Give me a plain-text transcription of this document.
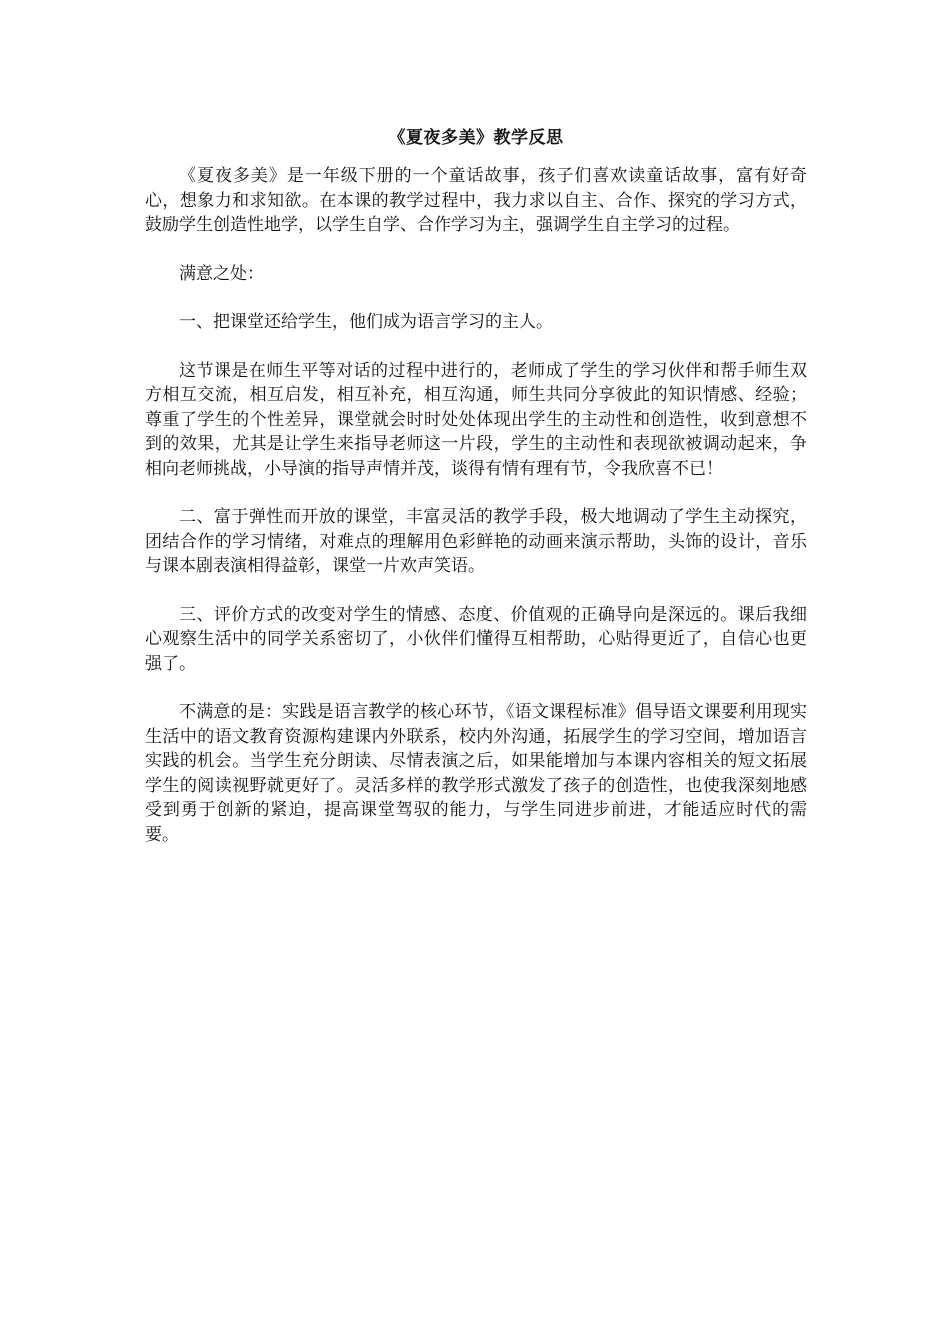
《夏夜多美》教学反思

《夏夜多美》是一年级下册的一个童话故事，孩子们喜欢读童话故事，富有好奇心，想象力和求知欲。在本课的教学过程中，我力求以自主、合作、探究的学习方式，鼓励学生创造性地学，以学生自学、合作学习为主，强调学生自主学习的过程。

满意之处：

一、把课堂还给学生，他们成为语言学习的主人。

这节课是在师生平等对话的过程中进行的，老师成了学生的学习伙伴和帮手师生双方相互交流，相互启发，相互补充，相互沟通，师生共同分享彼此的知识情感、经验；尊重了学生的个性差异，课堂就会时时处处体现出学生的主动性和创造性，收到意想不到的效果，尤其是让学生来指导老师这一片段，学生的主动性和表现欲被调动起来，争相向老师挑战，小导演的指导声情并茂，谈得有情有理有节，令我欣喜不已！

二、富于弹性而开放的课堂，丰富灵活的教学手段，极大地调动了学生主动探究，团结合作的学习情绪，对难点的理解用色彩鲜艳的动画来演示帮助，头饰的设计，音乐与课本剧表演相得益彰，课堂一片欢声笑语。

三、评价方式的改变对学生的情感、态度、价值观的正确导向是深远的。课后我细心观察生活中的同学关系密切了，小伙伴们懂得互相帮助，心贴得更近了，自信心也更强了。

不满意的是：实践是语言教学的核心环节，《语文课程标准》倡导语文课要利用现实生活中的语文教育资源构建课内外联系，校内外沟通，拓展学生的学习空间，增加语言实践的机会。当学生充分朗读、尽情表演之后，如果能增加与本课内容相关的短文拓展学生的阅读视野就更好了。灵活多样的教学形式激发了孩子的创造性，也使我深刻地感受到勇于创新的紧迫，提高课堂驾驭的能力，与学生同进步前进，才能适应时代的需要。
